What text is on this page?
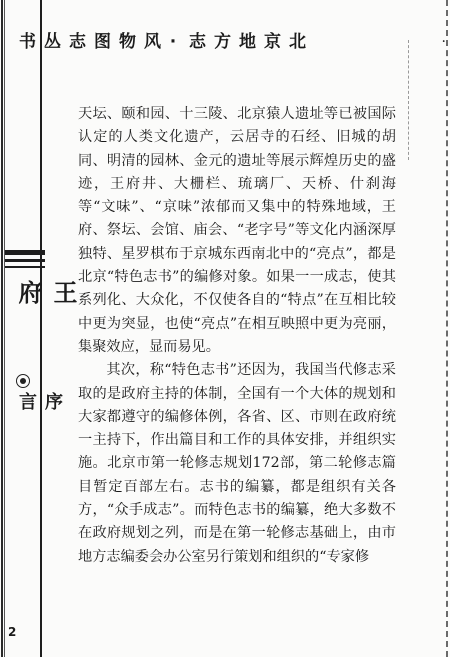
·
北京地方志·风物图志丛书
王府
序言

天坛、颐和园、十三陵、北京猿人遗址等已被国际认定的人类文化遗产，云居寺的石经、旧城的胡同、明清的园林、金元的遗址等展示辉煌历史的盛迹，王府井、大栅栏、琉璃厂、天桥、什刹海等“文味”、“京味”浓郁而又集中的特殊地域，王府、祭坛、会馆、庙会、“老字号”等文化内涵深厚独特、星罗棋布于京城东西南北中的“亮点”，都是北京“特色志书”的编修对象。如果一一成志，使其系列化、大众化，不仅使各自的“特点”在互相比较中更为突显，也使“亮点”在相互映照中更为亮丽，集聚效应，显而易见。

其次，称“特色志书”还因为，我国当代修志采取的是政府主持的体制，全国有一个大体的规划和大家都遵守的编修体例，各省、区、市则在政府统一主持下，作出篇目和工作的具体安排，并组织实施。北京市第一轮修志规划172部，第二轮修志篇目暂定百部左右。志书的编纂，都是组织有关各方，“众手成志”。而特色志书的编纂，绝大多数不在政府规划之列，而是在第一轮修志基础上，由市地方志编委会办公室另行策划和组织的“专家修

2
